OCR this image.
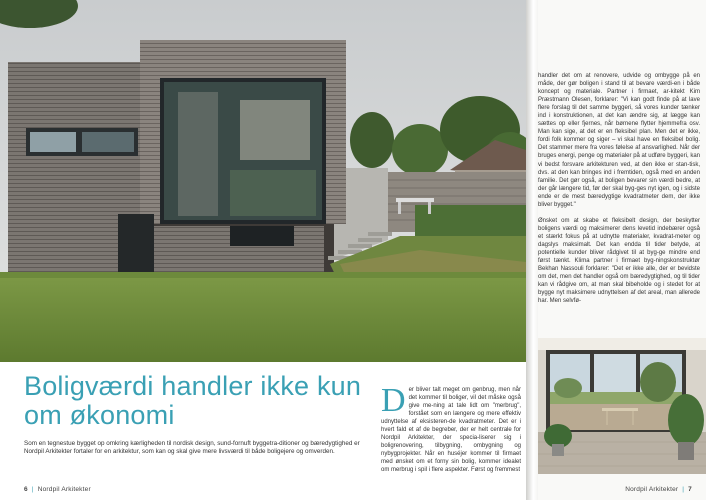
Boligværdi handler ikke kun om økonomi

Som en tegnestue bygget op omkring kærligheden til nordisk design, sund-fornuft byggetra-ditioner og bæredygtighed er Nordpil Arkitekter fortaler for en arkitektur, som kan og skal give mere livsværdi til både boligejere og omverden.

Der bliver talt meget om genbrug, men når det kommer til boliger, vil det måske også give me-ning at tale lidt om "merbrug", forstået som en længere og mere effektiv udnyttelse af eksisteren-de kvadratmeter. Det er i hvert fald et af de begreber, der er helt centrale for Nordpil Arkitekter, der specia-liserer sig i boligrenovering, tilbygning, ombygning og nybygprojekter. Når en huséjer kommer til firmaet med ønsket om et forny sin bolig, kommer idealet om merbrug i spil i flere aspekter. Først og fremmest
6 | Nordpil Arkitekter

handler det om at renovere, udvide og ombygge på en måde, der gør boligen i stand til at bevare værdi-en i både koncept og materiale. Partner i firmaet, ar-kitekt Kim Præstmann Olesen, forklarer: "Vi kan godt finde på at lave flere forslag til det samme byggeri, så vores kunder tænker ind i konstruktionen, at det kan ændre sig, at lægge kan sættes op eller fjernes, når børnene flytter hjemmefra osv. Man kan sige, at det er en fleksibel plan. Men det er ikke, fordi folk kommer og siger – vi skal have en fleksibel bolig. Det stammer mere fra vores følelse af ansvarlighed. Når der bruges energi, penge og materialer på at udføre byggeri, kan vi bedst forsvare arkitekturen ved, at den ikke er stan-tisk, dvs. at den kan bringes ind i fremtiden, også med en anden familie. Det gør også, at boligen bevarer sin værdi bedre, at der går længere tid, før der skal byg-ges nyt igen, og i sidste ende er de mest bæredygtige kvadratmeter dem, der ikke bliver bygget."

Ønsket om at skabe et fleksibelt design, der beskytter boligens værdi og maksimerer dens levetid indebærer også et stærkt fokus på at udnytte materialer, kvadrat-meter og dagslys maksimalt. Det kan endda til tider betyde, at potentielle kunder bliver rådgivet til at byg-ge mindre end først tænkt. Klima partner i firmaet byg-ningskonstruktør Bekhan Nassouli forklarer: "Det er ikke alle, der er bevidste om det, men det handler også om bæredygtighed, og til tider kan vi rådgive om, at man skal bibeholde og i stedet for at bygge nyt maksimere udnyttelsen af det areal, man allerede har. Men selvfø-

Nordpil Arkitekter | 7
